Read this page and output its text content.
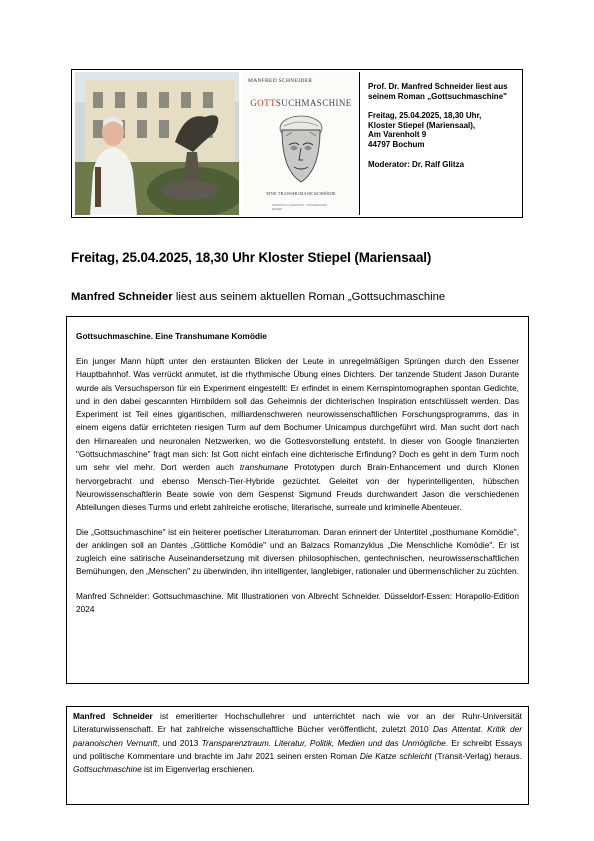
MANFRED SCHNEIDER
GOTTSUCHMASCHINE
EINE TRANSHUMANE KOMÖDIE
HORAPOLLO-EDITION · DÜSSELDORF-ESSEN

Prof. Dr. Manfred Schneider liest aus seinem Roman „Gottsuchmaschine"

Freitag, 25.04.2025, 18,30 Uhr,

Kloster Stiepel (Mariensaal),

Am Varenholt 9

44797 Bochum

Moderator: Dr. Ralf Glitza

Freitag, 25.04.2025, 18,30 Uhr Kloster Stiepel (Mariensaal)

Manfred Schneider liest aus seinem aktuellen Roman „Gottsuchmaschine

Gottsuchmaschine. Eine Transhumane Komödie

Ein junger Mann hüpft unter den erstaunten Blicken der Leute in unregelmäßigen Sprüngen durch den Essener Hauptbahnhof. Was verrückt anmutet, ist die rhythmische Übung eines Dichters. Der tanzende Student Jason Durante wurde als Versuchsperson für ein Experiment eingestellt: Er erfindet in einem Kernspintomographen spontan Gedichte, und in den dabei gescannten Hirnbildern soll das Geheimnis der dichterischen Inspiration entschlüsselt werden. Das Experiment ist Teil eines gigantischen, milliardenschweren neurowissenschaftlichen Forschungsprogramms, das in einem eigens dafür errichteten riesigen Turm auf dem Bochumer Unicampus durchgeführt wird. Man sucht dort nach den Hirnarealen und neuronalen Netzwerken, wo die Gottesvorstellung entsteht. In dieser von Google finanzierten "Gottsuchmaschine" fragt man sich: Ist Gott nicht einfach eine dichterische Erfindung? Doch es geht in dem Turm noch um sehr viel mehr. Dort werden auch transhumane Prototypen durch Brain-Enhancement und durch Klonen hervorgebracht und ebenso Mensch-Tier-Hybride gezüchtet. Geleitet von der hyperintelligenten, hübschen Neurowissenschaftlerin Beate sowie von dem Gespenst Sigmund Freuds durchwandert Jason die verschiedenen Abteilungen dieses Turms und erlebt zahlreiche erotische, literarische, surreale und kriminelle Abenteuer.

Die „Gottsuchmaschine" ist ein heiterer poetischer Literaturroman. Daran erinnert der Untertitel „posthumane Komödie", der anklingen soll an Dantes „Göttliche Komödie" und an Balzacs Romanzyklus „Die Menschliche Komödie". Er ist zugleich eine satirische Auseinandersetzung mit diversen philosophischen, gentechnischen, neurowissenschaftlichen Bemühungen, den „Menschen" zu überwinden, ihn intelligenter, langlebiger, rationaler und übermenschlicher zu züchten.

Manfred Schneider: Gottsuchmaschine. Mit Illustrationen von Albrecht Schneider. Düsseldorf-Essen: Horapollo-Edition 2024

Manfred Schneider ist emeritierter Hochschullehrer und unterrichtet nach wie vor an der Ruhr-Universität Literaturwissenschaft. Er hat zahlreiche wissenschaftliche Bücher veröffentlicht, zuletzt 2010 Das Attentat. Kritik der paranoischen Vernunft, und 2013 Transparenztraum. Literatur, Politik, Medien und das Unmögliche. Er schreibt Essays und politische Kommentare und brachte im Jahr 2021 seinen ersten Roman Die Katze schleicht (Transit-Verlag) heraus. Gottsuchmaschine ist im Eigenverlag erschienen.
